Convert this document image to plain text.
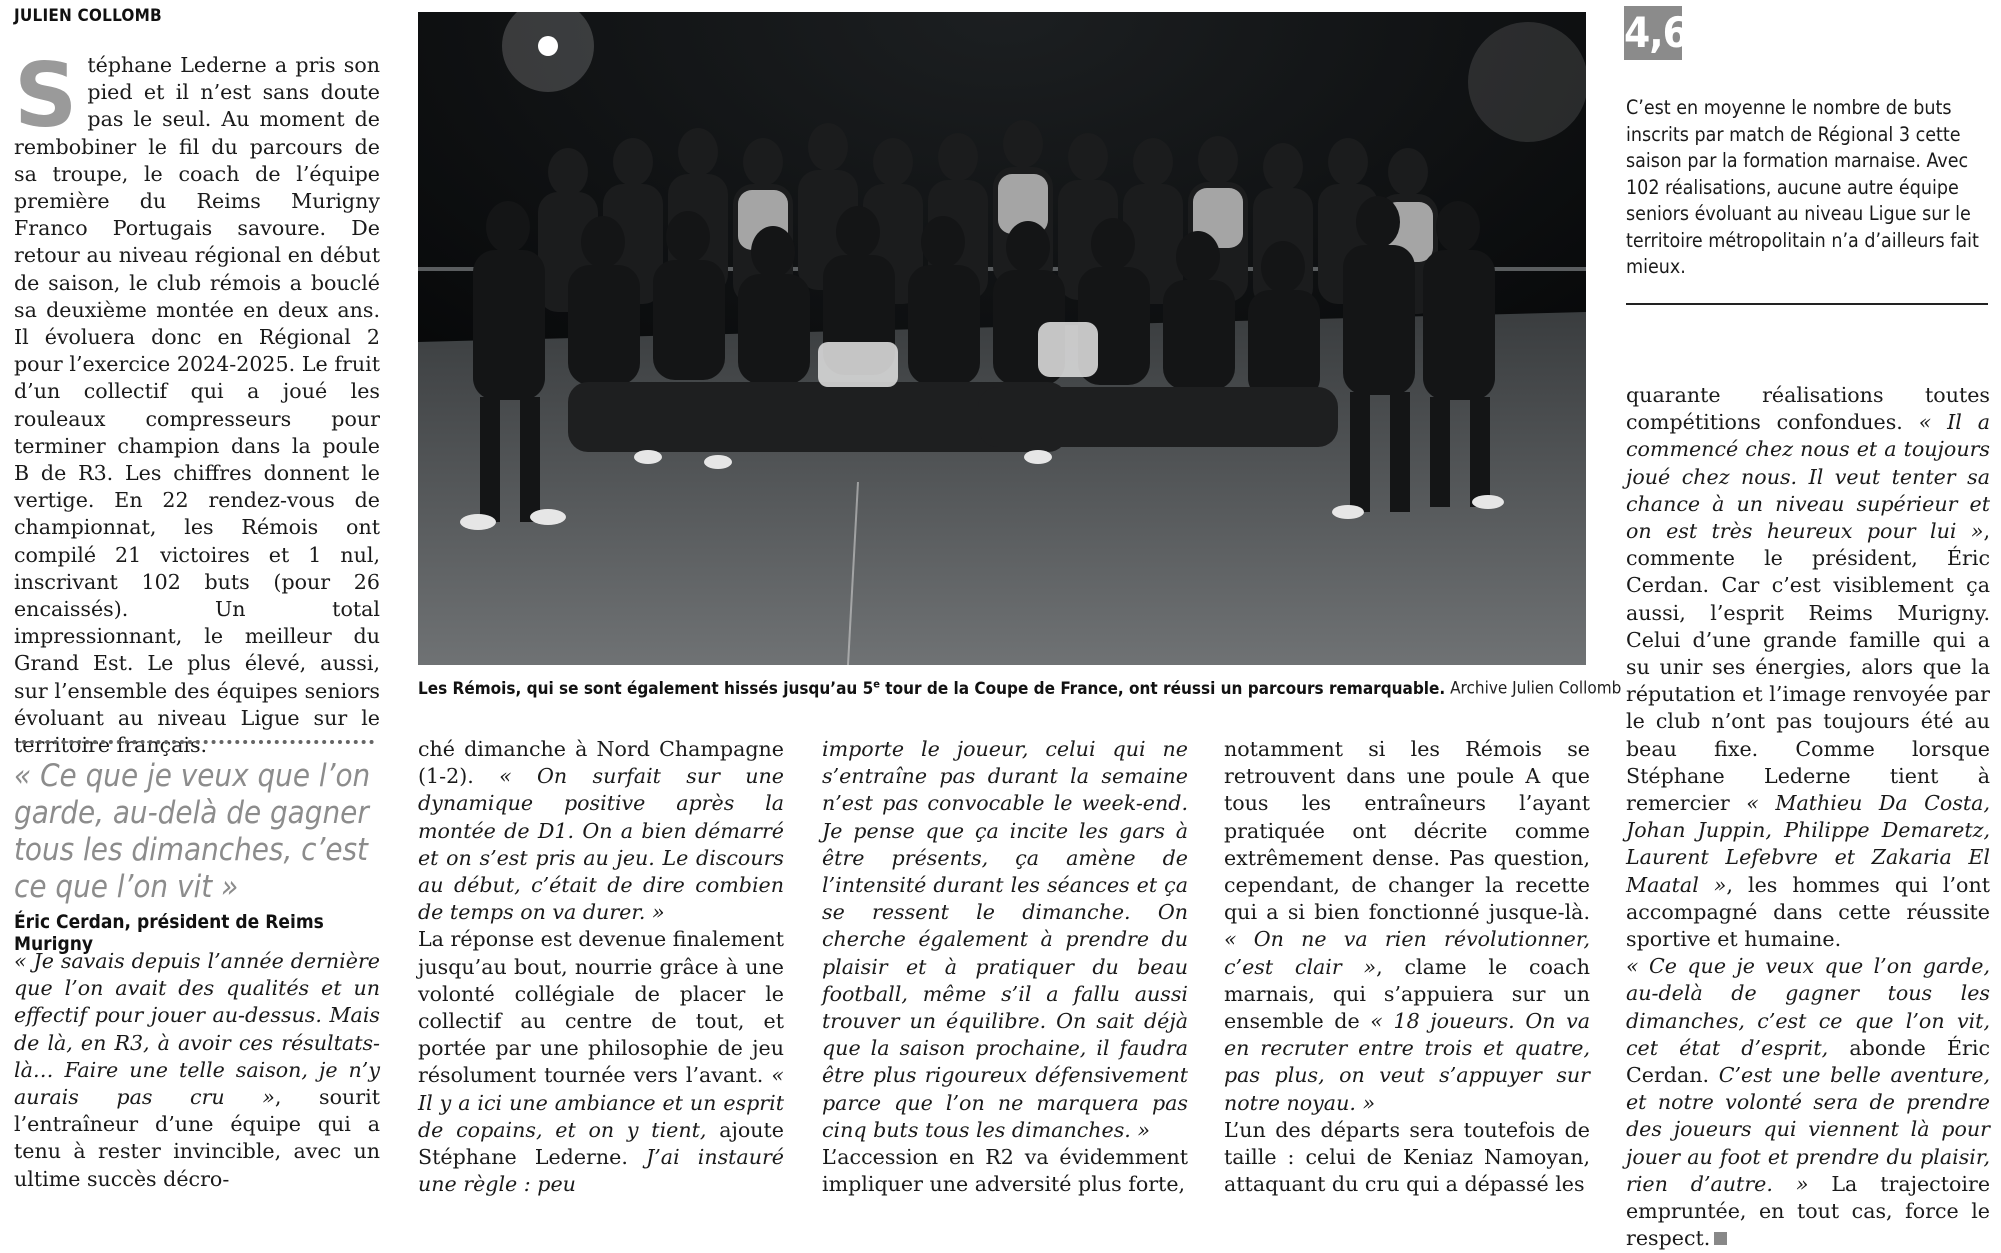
JULIEN COLLOMB

Stéphane Lederne a pris son pied et il n’est sans doute pas le seul. Au moment de rembobiner le fil du parcours de sa troupe, le coach de l’équipe première du Reims Murigny Franco Portugais savoure. De retour au niveau régional en début de saison, le club rémois a bouclé sa deuxième montée en deux ans. Il évoluera donc en Régional 2 pour l’exercice 2024-2025. Le fruit d’un collectif qui a joué les rouleaux compresseurs pour terminer champion dans la poule B de R3. Les chiffres donnent le vertige. En 22 rendez-vous de championnat, les Rémois ont compilé 21 victoires et 1 nul, inscrivant 102 buts (pour 26 encaissés). Un total impressionnant, le meilleur du Grand Est. Le plus élevé, aussi, sur l’ensemble des équipes seniors évoluant au niveau Ligue sur le territoire français.

« Ce que je veux que l’on garde, au-delà de gagner tous les dimanches, c’est ce que l’on vit »

Éric Cerdan, président de Reims Murigny

« Je savais depuis l’année dernière que l’on avait des qualités et un effectif pour jouer au-dessus. Mais de là, en R3, à avoir ces résultats-là… Faire une telle saison, je n’y aurais pas cru », sourit l’entraîneur d’une équipe qui a tenu à rester invincible, avec un ultime succès décro-

Les Rémois, qui se sont également hissés jusqu’au 5e tour de la Coupe de France, ont réussi un parcours remarquable. Archive Julien Collomb
4,6

C’est en moyenne le nombre de buts inscrits par match de Régional 3 cette saison par la formation marnaise. Avec 102 réalisations, aucune autre équipe seniors évoluant au niveau Ligue sur le territoire métropolitain n’a d’ailleurs fait mieux.

ché dimanche à Nord Champagne (1-2). « On surfait sur une dynamique positive après la montée de D1. On a bien démarré et on s’est pris au jeu. Le discours au début, c’était de dire combien de temps on va durer. »

La réponse est devenue finalement jusqu’au bout, nourrie grâce à une volonté collégiale de placer le collectif au centre de tout, et portée par une philosophie de jeu résolument tournée vers l’avant. « Il y a ici une ambiance et un esprit de copains, et on y tient, ajoute Stéphane Lederne. J’ai instauré une règle : peu

importe le joueur, celui qui ne s’entraîne pas durant la semaine n’est pas convocable le week-end. Je pense que ça incite les gars à être présents, ça amène de l’intensité durant les séances et ça se ressent le dimanche. On cherche également à prendre du plaisir et à pratiquer du beau football, même s’il a fallu aussi trouver un équilibre. On sait déjà que la saison prochaine, il faudra être plus rigoureux défensivement parce que l’on ne marquera pas cinq buts tous les dimanches. »

L’accession en R2 va évidemment impliquer une adversité plus forte,

notamment si les Rémois se retrouvent dans une poule A que tous les entraîneurs l’ayant pratiquée ont décrite comme extrêmement dense. Pas question, cependant, de changer la recette qui a si bien fonctionné jusque-là. « On ne va rien révolutionner, c’est clair », clame le coach marnais, qui s’appuiera sur un ensemble de « 18 joueurs. On va en recruter entre trois et quatre, pas plus, on veut s’appuyer sur notre noyau. »

L’un des départs sera toutefois de taille : celui de Keniaz Namoyan, attaquant du cru qui a dépassé les

quarante réalisations toutes compétitions confondues. « Il a commencé chez nous et a toujours joué chez nous. Il veut tenter sa chance à un niveau supérieur et on est très heureux pour lui », commente le président, Éric Cerdan. Car c’est visiblement ça aussi, l’esprit Reims Murigny. Celui d’une grande famille qui a su unir ses énergies, alors que la réputation et l’image renvoyée par le club n’ont pas toujours été au beau fixe. Comme lorsque Stéphane Lederne tient à remercier « Mathieu Da Costa, Johan Juppin, Philippe Demaretz, Laurent Lefebvre et Zakaria El Maatal », les hommes qui l’ont accompagné dans cette réussite sportive et humaine.

« Ce que je veux que l’on garde, au-delà de gagner tous les dimanches, c’est ce que l’on vit, cet état d’esprit, abonde Éric Cerdan. C’est une belle aventure, et notre volonté sera de prendre des joueurs qui viennent là pour jouer au foot et prendre du plaisir, rien d’autre. » La trajectoire empruntée, en tout cas, force le respect.
